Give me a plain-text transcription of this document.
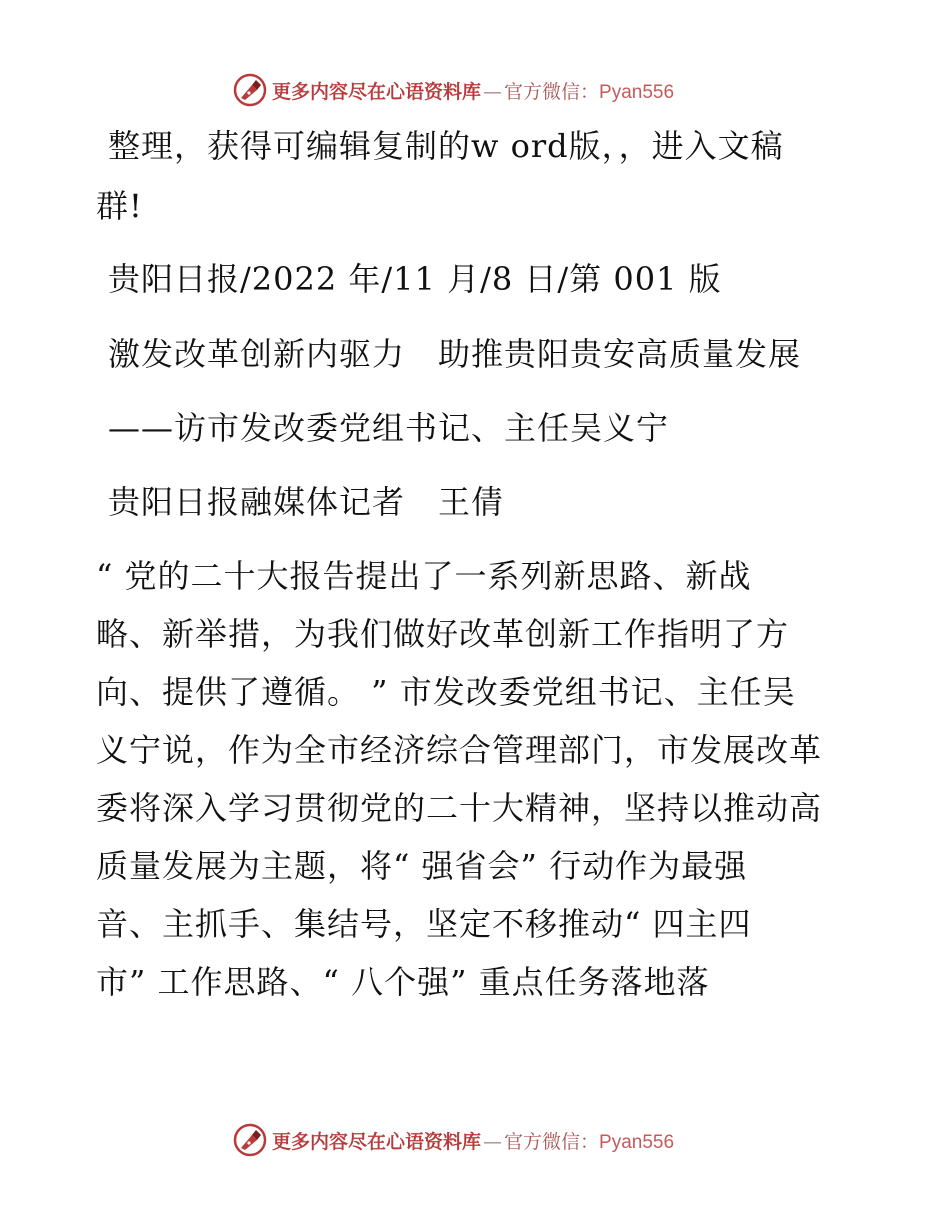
更多内容尽在心语资料库 — 官方微信：Pyan556
整理，获得可编辑复制的w ord版，，进入文稿
群!
贵阳日报/2022 年/11 月/8 日/第 001 版
激发改革创新内驱力　助推贵阳贵安高质量发展
——访市发改委党组书记、主任吴义宁
贵阳日报融媒体记者　王倩
“ 党的二十大报告提出了一系列新思路、新战
略、新举措，为我们做好改革创新工作指明了方
向、提供了遵循。 ” 市发改委党组书记、主任吴
义宁说，作为全市经济综合管理部门，市发展改革
委将深入学习贯彻党的二十大精神，坚持以推动高
质量发展为主题，将“ 强省会” 行动作为最强
音、主抓手、集结号，坚定不移推动“ 四主四
市” 工作思路、“ 八个强” 重点任务落地落
更多内容尽在心语资料库 — 官方微信：Pyan556
